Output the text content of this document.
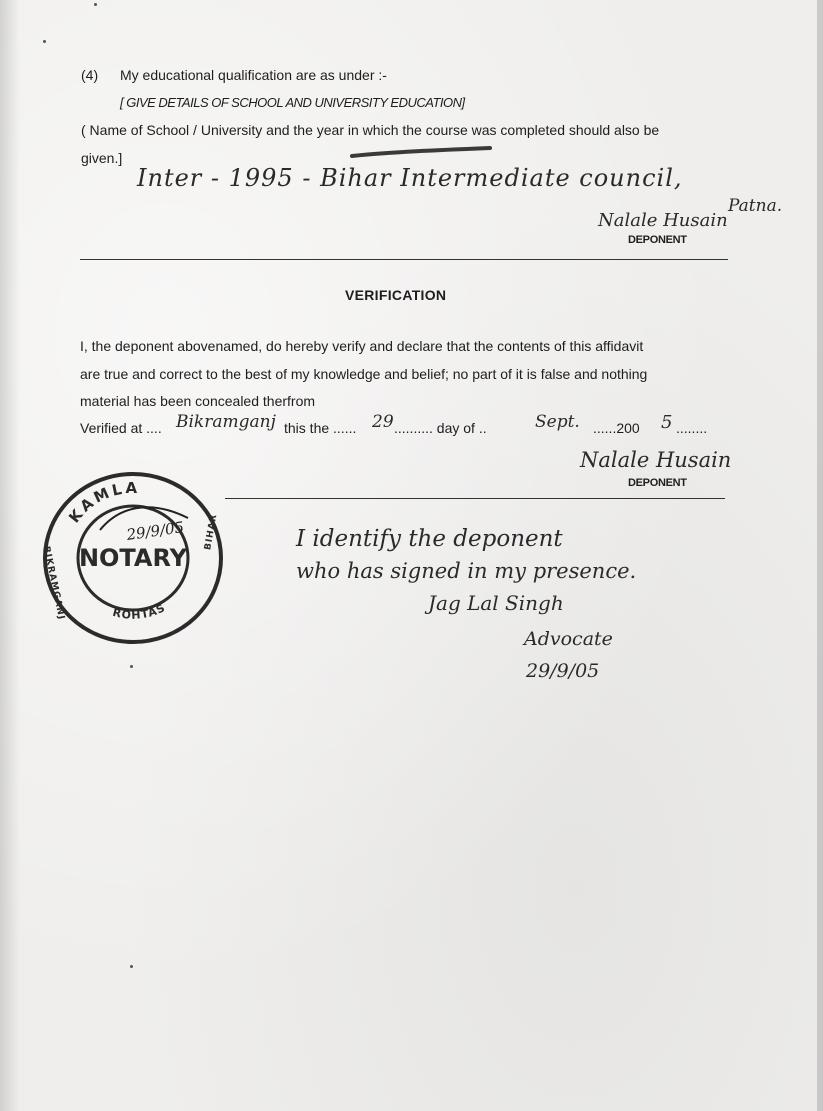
(4) My educational qualification are as under :-
[ GIVE DETAILS OF SCHOOL AND UNIVERSITY EDUCATION]
( Name of School / University and the year in which the course was completed should also be
given.]
Inter - 1995 - Bihar Intermediate council,
Patna.
Nalale Husain
DEPONENT
VERIFICATION
I, the deponent abovenamed, do hereby verify and declare that the contents of this affidavit
are true and correct to the best of my knowledge and belief; no part of it is false and nothing
material has been concealed therfrom
Verified at .... Bikramganj this the ...... 29 .......... day of ..	Sept. ......200 5 ........
Nalale Husain
DEPONENT
KAMLA
BIKRAMGANJ
BIHAR
ROHTAS
NOTARY
29/9/05	I identify the deponent
who has signed in my presence.
Jag Lal Singh
Advocate
29/9/05
